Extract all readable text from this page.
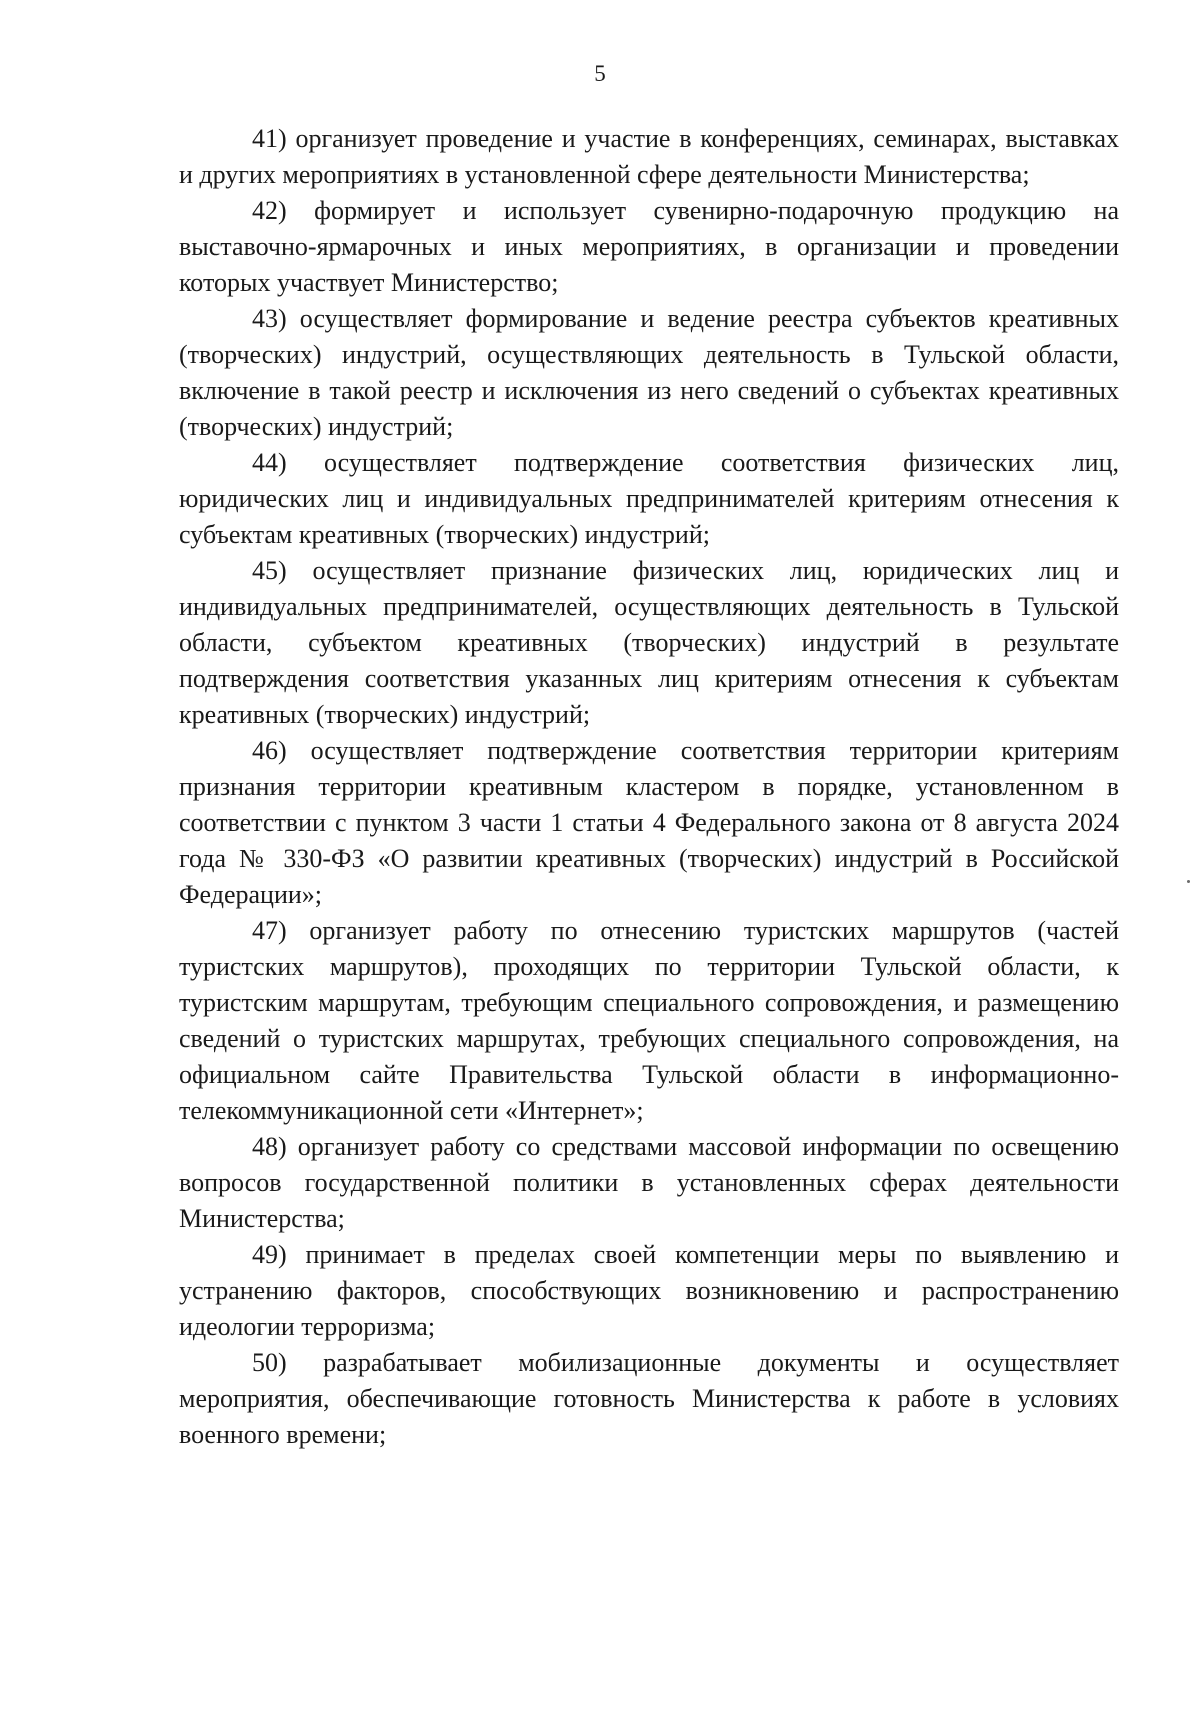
5

41) организует проведение и участие в конференциях, семинарах, выставках и других мероприятиях в установленной сфере деятельности Министерства;

42) формирует и использует сувенирно-подарочную продукцию на выставочно-ярмарочных и иных мероприятиях, в организации и проведении которых участвует Министерство;

43) осуществляет формирование и ведение реестра субъектов креативных (творческих) индустрий, осуществляющих деятельность в Тульской области, включение в такой реестр и исключения из него сведений о субъектах креативных (творческих) индустрий;

44) осуществляет подтверждение соответствия физических лиц, юридических лиц и индивидуальных предпринимателей критериям отнесения к субъектам креативных (творческих) индустрий;

45) осуществляет признание физических лиц, юридических лиц и индивидуальных предпринимателей, осуществляющих деятельность в Тульской области, субъектом креативных (творческих) индустрий в результате подтверждения соответствия указанных лиц критериям отнесения к субъектам креативных (творческих) индустрий;

46) осуществляет подтверждение соответствия территории критериям признания территории креативным кластером в порядке, установленном в соответствии с пунктом 3 части 1 статьи 4 Федерального закона от 8 августа 2024 года № 330-ФЗ «О развитии креативных (творческих) индустрий в Российской Федерации»;

47) организует работу по отнесению туристских маршрутов (частей туристских маршрутов), проходящих по территории Тульской области, к туристским маршрутам, требующим специального сопровождения, и размещению сведений о туристских маршрутах, требующих специального сопровождения, на официальном сайте Правительства Тульской области в информационно-телекоммуникационной сети «Интернет»;

48) организует работу со средствами массовой информации по освещению вопросов государственной политики в установленных сферах деятельности Министерства;

49) принимает в пределах своей компетенции меры по выявлению и устранению факторов, способствующих возникновению и распространению идеологии терроризма;

50) разрабатывает мобилизационные документы и осуществляет мероприятия, обеспечивающие готовность Министерства к работе в условиях военного времени;
